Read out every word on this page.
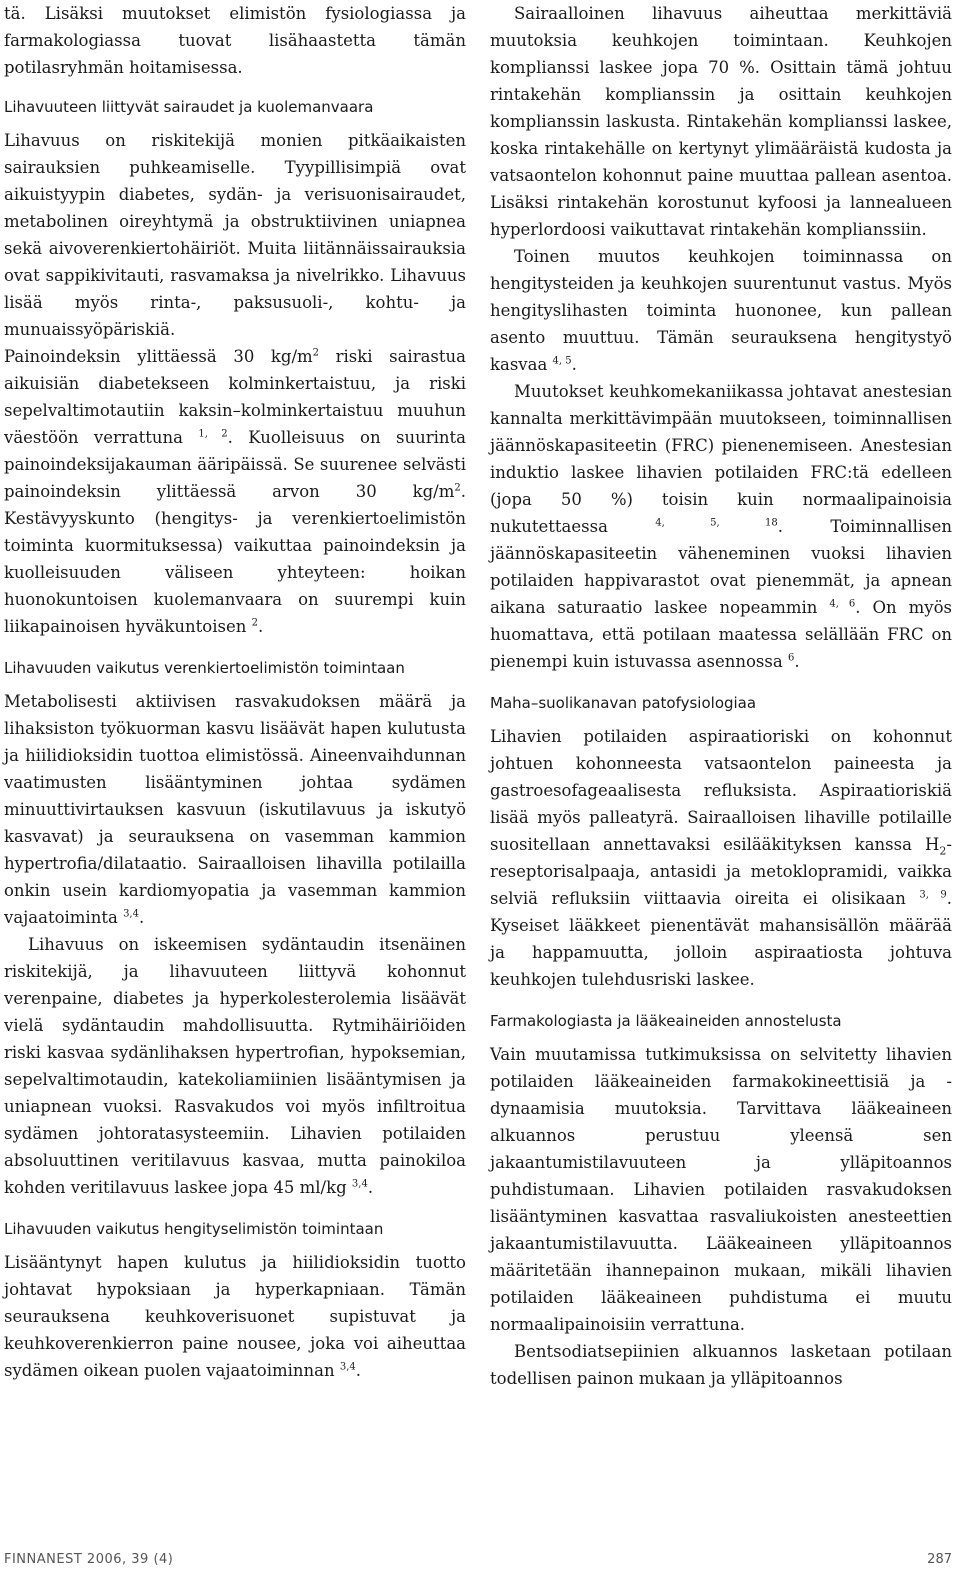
tä. Lisäksi muutokset elimistön fysiologiassa ja farmakologiassa tuovat lisähaastetta tämän potilasryhmän hoitamisessa.

Lihavuuteen liittyvät sairaudet ja kuolemanvaara

Lihavuus on riskitekijä monien pitkäaikaisten sairauksien puhkeamiselle. Tyypillisimpiä ovat aikuistyypin diabetes, sydän- ja verisuonisairaudet, metabolinen oireyhtymä ja obstruktiivinen uniapnea sekä aivoverenkiertohäiriöt. Muita liitännäissairauksia ovat sappikivitauti, rasvamaksa ja nivelrikko. Lihavuus lisää myös rinta-, paksusuoli-, kohtu- ja munuaissyöpäriskiä.

Painoindeksin ylittäessä 30 $kg/m^2$ riski sairastua aikuisiän diabetekseen kolminkertaistuu, ja riski sepelvaltimotautiin kaksin–kolminkertaistuu muuhun väestöön verrattuna $^{1, 2}$. Kuolleisuus on suurinta painoindeksijakauman ääripäissä. Se suurenee selvästi painoindeksin ylittäessä arvon 30 $kg/m^2$. Kestävyyskunto (hengitys- ja verenkiertoelimistön toiminta kuormituksessa) vaikuttaa painoindeksin ja kuolleisuuden väliseen yhteyteen: hoikan huonokuntoisen kuolemanvaara on suurempi kuin liikapainoisen hyväkuntoisen $^2$.

Lihavuuden vaikutus verenkiertoelimistön toimintaan

Metabolisesti aktiivisen rasvakudoksen määrä ja lihaksiston työkuorman kasvu lisäävät hapen kulutusta ja hiilidioksidin tuottoa elimistössä. Aineenvaihdunnan vaatimusten lisääntyminen johtaa sydämen minuuttivirtauksen kasvuun (iskutilavuus ja iskutyö kasvavat) ja seurauksena on vasemman kammion hypertrofia/dilataatio. Sairaalloisen lihavilla potilailla onkin usein kardiomyopatia ja vasemman kammion vajaatoiminta $^{3,4}$.

Lihavuus on iskeemisen sydäntaudin itsenäinen riskitekijä, ja lihavuuteen liittyvä kohonnut verenpaine, diabetes ja hyperkolesterolemia lisäävät vielä sydäntaudin mahdollisuutta. Rytmihäiriöiden riski kasvaa sydänlihaksen hypertrofian, hypoksemian, sepelvaltimotaudin, katekoliamiinien lisääntymisen ja uniapnean vuoksi. Rasvakudos voi myös infiltroitua sydämen johtoratasysteemiin. Lihavien potilaiden absoluuttinen veritilavuus kasvaa, mutta painokiloa kohden veritilavuus laskee jopa 45 ml/kg $^{3,4}$.

Lihavuuden vaikutus hengityselimistön toimintaan

Lisääntynyt hapen kulutus ja hiilidioksidin tuotto johtavat hypoksiaan ja hyperkapniaan. Tämän seurauksena keuhkoverisuonet supistuvat ja keuhkoverenkierron paine nousee, joka voi aiheuttaa sydämen oikean puolen vajaatoiminnan $^{3,4}$.

Sairaalloinen lihavuus aiheuttaa merkittäviä muutoksia keuhkojen toimintaan. Keuhkojen komplianssi laskee jopa 70 %. Osittain tämä johtuu rintakehän komplianssin ja osittain keuhkojen komplianssin laskusta. Rintakehän komplianssi laskee, koska rintakehälle on kertynyt ylimääräistä kudosta ja vatsaontelon kohonnut paine muuttaa pallean asentoa. Lisäksi rintakehän korostunut kyfoosi ja lannealueen hyperlordoosi vaikuttavat rintakehän komplianssiin.

Toinen muutos keuhkojen toiminnassa on hengitysteiden ja keuhkojen suurentunut vastus. Myös hengityslihasten toiminta huononee, kun pallean asento muuttuu. Tämän seurauksena hengitystyö kasvaa $^{4, 5}$.

Muutokset keuhkomekaniikassa johtavat anestesian kannalta merkittävimpään muutokseen, toiminnallisen jäännöskapasiteetin (FRC) pienenemiseen. Anestesian induktio laskee lihavien potilaiden FRC:tä edelleen (jopa 50 %) toisin kuin normaalipainoisia nukutettaessa $^{4, 5, 18}$. Toiminnallisen jäännöskapasiteetin väheneminen vuoksi lihavien potilaiden happivarastot ovat pienemmät, ja apnean aikana saturaatio laskee nopeammin $^{4, 6}$. On myös huomattava, että potilaan maatessa selällään FRC on pienempi kuin istuvassa asennossa $^6$.

Maha–suolikanavan patofysiologiaa

Lihavien potilaiden aspiraatioriski on kohonnut johtuen kohonneesta vatsaontelon paineesta ja gastroesofageaalisesta refluksista. Aspiraatioriskiä lisää myös palleatyrä. Sairaalloisen lihaville potilaille suositellaan annettavaksi esilääkityksen kanssa $H_2$-reseptorisalpaaja, antasidi ja metoklopramidi, vaikka selviä refluksiin viittaavia oireita ei olisikaan $^{3, 9}$. Kyseiset lääkkeet pienentävät mahansisällön määrää ja happamuutta, jolloin aspiraatiosta johtuva keuhkojen tulehdusriski laskee.

Farmakologiasta ja lääkeaineiden annostelusta

Vain muutamissa tutkimuksissa on selvitetty lihavien potilaiden lääkeaineiden farmakokineettisiä ja -dynaamisia muutoksia. Tarvittava lääkeaineen alkuannos perustuu yleensä sen jakaantumistilavuuteen ja ylläpitoannos puhdistumaan. Lihavien potilaiden rasvakudoksen lisääntyminen kasvattaa rasvaliukoisten anesteettien jakaantumistilavuutta. Lääkeaineen ylläpitoannos määritetään ihannepainon mukaan, mikäli lihavien potilaiden lääkeaineen puhdistuma ei muutu normaalipainoisiin verrattuna.

Bentsodiatsepiinien alkuannos lasketaan potilaan todellisen painon mukaan ja ylläpitoannos

FINNANEST 2006, 39 (4)	287
